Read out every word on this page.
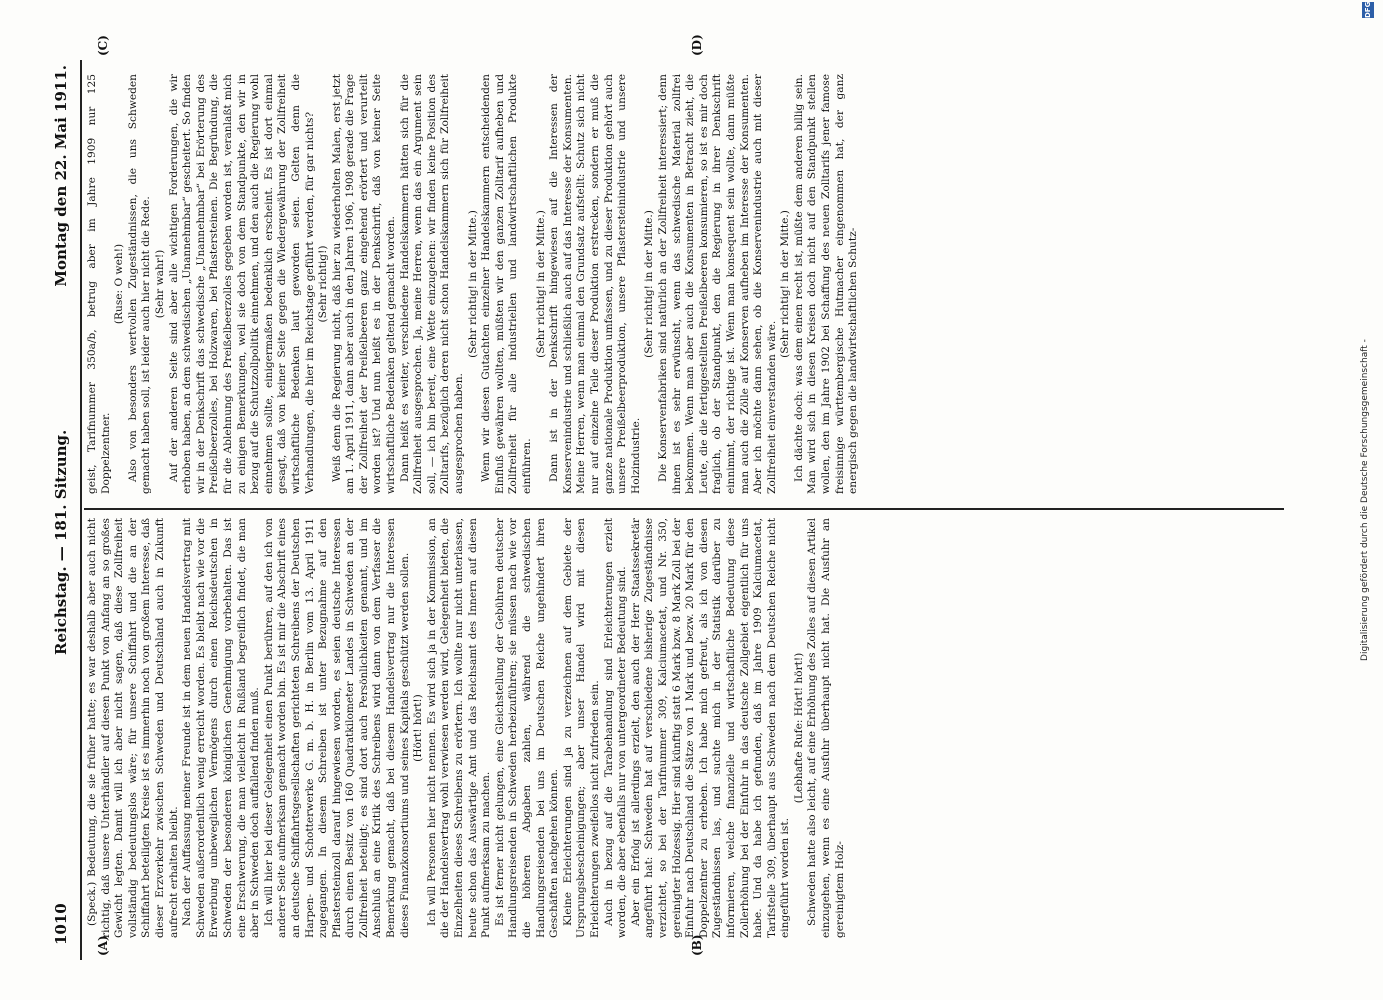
1010
Reichstag. — 181. Sitzung.
Montag den 22. Mai 1911.
(A)	(B)
(C)	(D)

(Speck.) Bedeutung, die sie früher hatte; es war deshalb aber auch nicht richtig, daß unsere Unterhändler auf diesen Punkt von Anfang an so großes Gewicht legten. Damit will ich aber nicht sagen, daß diese Zollfreiheit vollständig bedeutungslos wäre; für unsere Schiffahrt und die an der Schiffahrt beteiligten Kreise ist es immerhin noch von großem Interesse, daß dieser Erzverkehr zwischen Schweden und Deutschland auch in Zukunft aufrecht erhalten bleibt. Nach der Auffassung meiner Freunde ist in dem neuen Handelsvertrag mit Schweden außerordentlich wenig erreicht worden. Es bleibt nach wie vor die Erwerbung unbeweglichen Vermögens durch einen Reichsdeutschen in Schweden der besonderen königlichen Genehmigung vorbehalten. Das ist eine Erschwerung, die man vielleicht in Rußland begreiflich findet, die man aber in Schweden doch auffallend finden muß. Ich will hier bei dieser Gelegenheit einen Punkt berühren, auf den ich von anderer Seite aufmerksam gemacht worden bin. Es ist mir die Abschrift eines an deutsche Schiffahrtsgesellschaften gerichteten Schreibens der Deutschen Harpen- und Schotterwerke G. m. b. H. in Berlin vom 13. April 1911 zugegangen. In diesem Schreiben ist unter Bezugnahme auf den Pflastersteinzoll darauf hingewiesen worden, es seien deutsche Interessen durch einen Besitz von 160 Quadratkilometer Landes in Schweden an der Zollfreiheit beteiligt; es sind dort auch Persönlichkeiten genannt, und im Anschluß an eine Kritik des Schreibens wird dann von dem Verfasser die Bemerkung gemacht, daß bei diesem Handelsvertrag nur die Interessen dieses Finanzkonsortiums und seines Kapitals geschützt werden sollen. (Hört! hört!) Ich will Personen hier nicht nennen. Es wird sich ja in der Kommission, an die der Handelsvertrag wohl verwiesen werden wird, Gelegenheit bieten, die Einzelheiten dieses Schreibens zu erörtern. Ich wollte nur nicht unterlassen, heute schon das Auswärtige Amt und das Reichsamt des Innern auf diesen Punkt aufmerksam zu machen. Es ist ferner nicht gelungen, eine Gleichstellung der Gebühren deutscher Handlungsreisenden in Schweden herbeizuführen; sie müssen nach wie vor die höheren Abgaben zahlen, während die schwedischen Handlungsreisenden bei uns im Deutschen Reiche ungehindert ihren Geschäften nachgehen können. Kleine Erleichterungen sind ja zu verzeichnen auf dem Gebiete der Ursprungsbescheinigungen; aber unser Handel wird mit diesen Erleichterungen zweifellos nicht zufrieden sein. Auch in bezug auf die Tarabehandlung sind Erleichterungen erzielt worden, die aber ebenfalls nur von untergeordneter Bedeutung sind. Aber ein Erfolg ist allerdings erzielt, den auch der Herr Staatssekretär angeführt hat: Schweden hat auf verschiedene bisherige Zugeständnisse verzichtet, so bei der Tarifnummer 309, Kalciumacetat, und Nr. 350, gereinigter Holzessig. Hier sind künftig statt 6 Mark bzw. 8 Mark Zoll bei der Einfuhr nach Deutschland die Sätze von 1 Mark und bezw. 20 Mark für den Doppelzentner zu erheben. Ich habe mich gefreut, als ich von diesen Zugeständnissen las, und suchte mich in der Statistik darüber zu informieren, welche finanzielle und wirtschaftliche Bedeutung diese Zollerhöhung bei der Einfuhr in das deutsche Zollgebiet eigentlich für uns habe. Und da habe ich gefunden, daß im Jahre 1909 Kalciumacetat, Tarifstelle 309, überhaupt aus Schweden nach dem Deutschen Reiche nicht eingeführt worden ist.

(Lebhafte Rufe: Hört! hört!) Schweden hatte also leicht, auf eine Erhöhung des Zolles auf diesen Artikel einzugehen, wenn es eine Ausfuhr überhaupt nicht hat. Die Ausfuhr an gereinigtem Holz-

geist, Tarifnummer 350a/b, betrug aber im Jahre 1909 nur 125 Doppelzentner.

(Ruse: O weh!) Also von besonders wertvollen Zugeständnissen, die uns Schweden gemacht haben soll, ist leider auch hier nicht die Rede. (Sehr wahr!) Auf der anderen Seite sind aber alle wichtigen Forderungen, die wir erhoben haben, an dem schwedischen „Unannehmbar“ gescheitert. So finden wir in der Denkschrift das schwedische „Unannehmbar“ bei Erörterung des Preißelbeerzolles, bei Holzwaren, bei Pflastersteinen. Die Begründung, die für die Ablehnung des Preißelbeerzolles gegeben worden ist, veranlaßt mich zu einigen Bemerkungen, weil sie doch von dem Standpunkte, den wir in bezug auf die Schutzzollpolitik einnehmen, und den auch die Regierung wohl einnehmen sollte, einigermaßen bedenklich erscheint. Es ist dort einmal gesagt, daß von keiner Seite gegen die Wiedergewährung der Zollfreiheit wirtschaftliche Bedenken laut geworden seien. Gelten denn die Verhandlungen, die hier im Reichstage geführt werden, für gar nichts? (Sehr richtig!) Weiß denn die Regierung nicht, daß hier zu wiederholten Malen, erst jetzt am 1. April 1911, dann aber auch in den Jahren 1906, 1908 gerade die Frage der Zollfreiheit der Preißelbeeren ganz eingehend erörtert und verurteilt worden ist? Und nun heißt es in der Denkschrift, daß von keiner Seite wirtschaftliche Bedenken geltend gemacht worden. Dann heißt es weiter, verschiedene Handelskammern hätten sich für die Zollfreiheit ausgesprochen. Ja, meine Herren, wenn das ein Argument sein soll, — ich bin bereit, eine Wette einzugehen: wir finden keine Position des Zolltarifs, bezüglich deren nicht schon Handelskammern sich für Zollfreiheit ausgesprochen haben.

(Sehr richtig! in der Mitte.) Wenn wir diesen Gutachten einzelner Handelskammern entscheidenden Einfluß gewähren wollten, müßten wir den ganzen Zolltarif aufheben und Zollfreiheit für alle industriellen und landwirtschaftlichen Produkte einführen.

(Sehr richtig! in der Mitte.) Dann ist in der Denkschrift hingewiesen auf die Interessen der Konservenindustrie und schließlich auch auf das Interesse der Konsumenten. Meine Herren, wenn man einmal den Grundsatz aufstellt: Schutz sich nicht nur auf einzelne Teile dieser Produktion erstrecken, sondern er muß die ganze nationale Produktion umfassen, und zu dieser Produktion gehört auch unsere Preißelbeerproduktion, unsere Pflastersteinindustrie und unsere Holzindustrie.

(Sehr richtig! in der Mitte.) Die Konservenfabriken sind natürlich an der Zollfreiheit interessiert; denn ihnen ist es sehr erwünscht, wenn das schwedische Material zollfrei bekommen. Wenn man aber auch die Konsumenten in Betracht zieht, die Leute, die die fertiggestellten Preißelbeeren konsumieren, so ist es mir doch fraglich, ob der Standpunkt, den die Regierung in ihrer Denkschrift einnimmt, der richtige ist. Wenn man konsequent sein wollte, dann müßte man auch die Zölle auf Konserven aufheben im Interesse der Konsumenten. Aber ich möchte dann sehen, ob die Konservenindustrie auch mit dieser Zollfreiheit einverstanden wäre.

(Sehr richtig! in der Mitte.) Ich dächte doch: was dem einen recht ist, müßte dem anderen billig sein. Man wird sich in diesen Kreisen doch nicht auf den Standpunkt stellen wollen, den im Jahre 1902 bei Schaffung des neuen Zolltarifs jener famose freisinnige württembergische Hutmacher eingenommen hat, der ganz energisch gegen die landwirtschaftlichen Schutz-	Digitalisierung gefördert durch die Deutsche Forschungsgemeinschaft -
DFG
